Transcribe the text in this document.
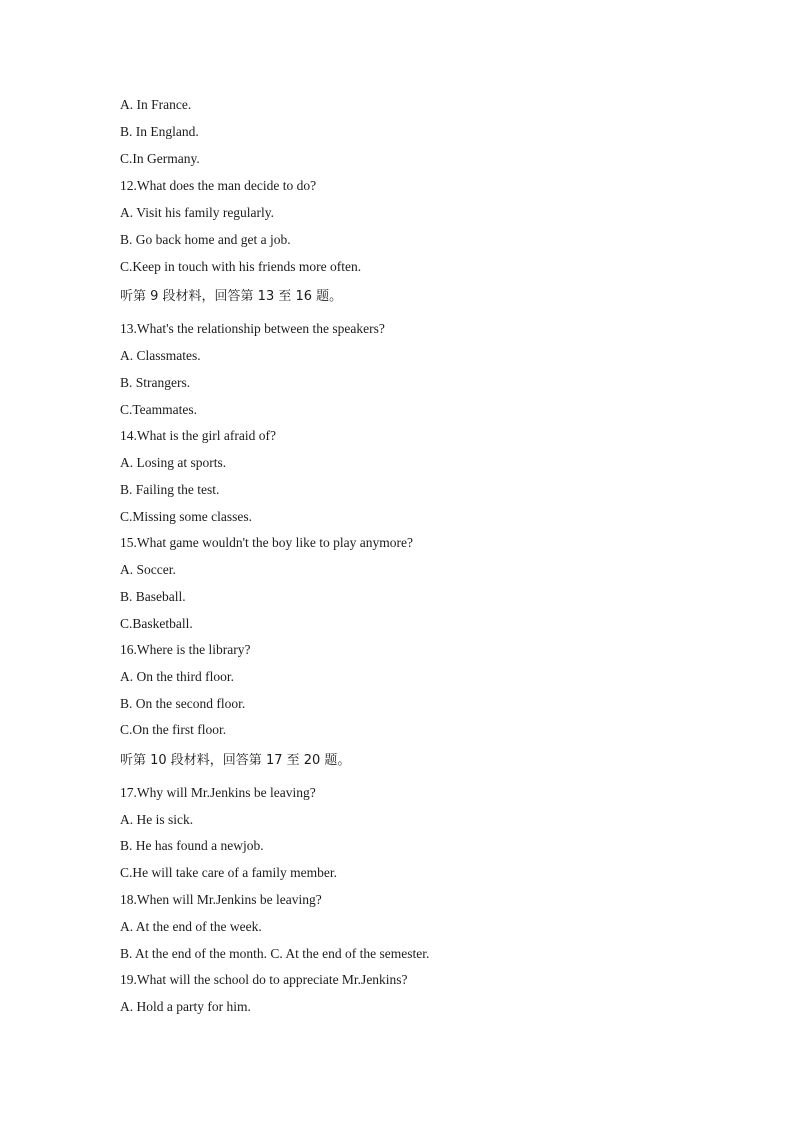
A. In France.

B. In England.

C.In Germany.

12.What does the man decide to do?

A. Visit his family regularly.

B. Go back home and get a job.

C.Keep in touch with his friends more often.

听第 9 段材料，回答第 13 至 16 题。

13.What's the relationship between the speakers?

A. Classmates.

B. Strangers.

C.Teammates.

14.What is the girl afraid of?

A. Losing at sports.

B. Failing the test.

C.Missing some classes.

15.What game wouldn't the boy like to play anymore?

A. Soccer.

B. Baseball.

C.Basketball.

16.Where is the library?

A. On the third floor.

B. On the second floor.

C.On the first floor.

听第 10 段材料，回答第 17 至 20 题。

17.Why will Mr.Jenkins be leaving?

A. He is sick.

B. He has found a newjob.

C.He will take care of a family member.

18.When will Mr.Jenkins be leaving?

A. At the end of the week.

B. At the end of the month. C. At the end of the semester.

19.What will the school do to appreciate Mr.Jenkins?

A. Hold a party for him.
